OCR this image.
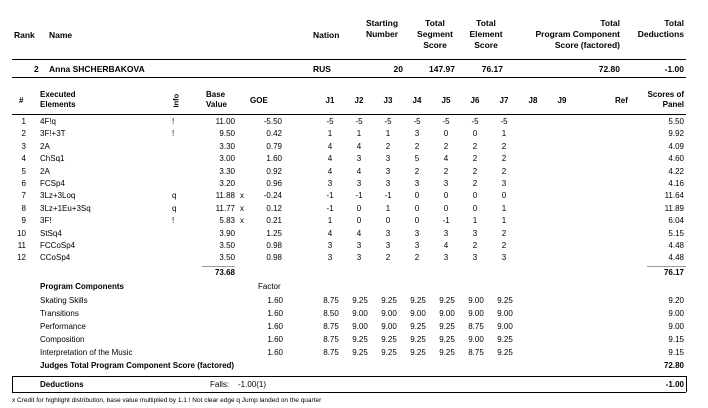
Rank Name	Nation
Starting
Number
Total
Segment
Score
Total
Element
Score
Total
Program Component
Score (factored)
Total
Deductions
2 Anna SHCHERBAKOVA	RUS	20	147.97	76.17	72.80	-1.00
#
Executed
Elements	Info	Base
Value	GOE	J1	J2	J3	J4	J5	J6	J7	J8	J9	Ref
Scores of
Panel
1 4F!q	!	11.00	-5.50	-5	-5	-5	-5	-5	-5	-5	5.50
2 3F!+3T	!	9.50	0.42	1	1	1	3	0	0	1	9.92
3 2A	3.30	0.79	4	4	2	2	2	2	2	4.09
4 ChSq1	3.00	1.60	4	3	3	5	4	2	2	4.60
5 2A	3.30	0.92	4	4	3	2	2	2	2	4.22
6 FCSp4	3.20	0.96	3	3	3	3	3	2	3	4.16
7 3Lz+3Loq	q	11.88 x	-0.24	-1	-1	-1	0	0	0	0	11.64
8 3Lz+1Eu+3Sq	q	11.77 x	0.12	-1	0	1	0	0	0	1	11.89
9 3F!	!	5.83 x	0.21	1	0	0	0	-1	1	1	6.04
10 StSq4	3.90	1.25	4	4	3	3	3	3	2	5.15
11 FCCoSp4	3.50	0.98	3	3	3	3	4	2	2	4.48
12 CCoSp4	3.50	0.98	3	3	2	2	3	3	3	4.48
73.68	76.17
Program Components	Factor
Skating Skills	1.60	8.75	9.25	9.25	9.25	9.25	9.00	9.25	9.20
Transitions	1.60	8.50	9.00	9.00	9.00	9.00	9.00	9.00	9.00
Performance	1.60	8.75	9.00	9.00	9.25	9.25	8.75	9.00	9.00
Composition	1.60	8.75	9.25	9.25	9.25	9.25	9.00	9.25	9.15
Interpretation of the Music	1.60	8.75	9.25	9.25	9.25	9.25	8.75	9.25	9.15
Judges Total Program Component Score (factored)	72.80
Deductions	Falls: -1.00(1)	-1.00
x Credit for highlight distribution, base value multiplied by 1.1 ! Not clear edge q Jump landed on the quarter
